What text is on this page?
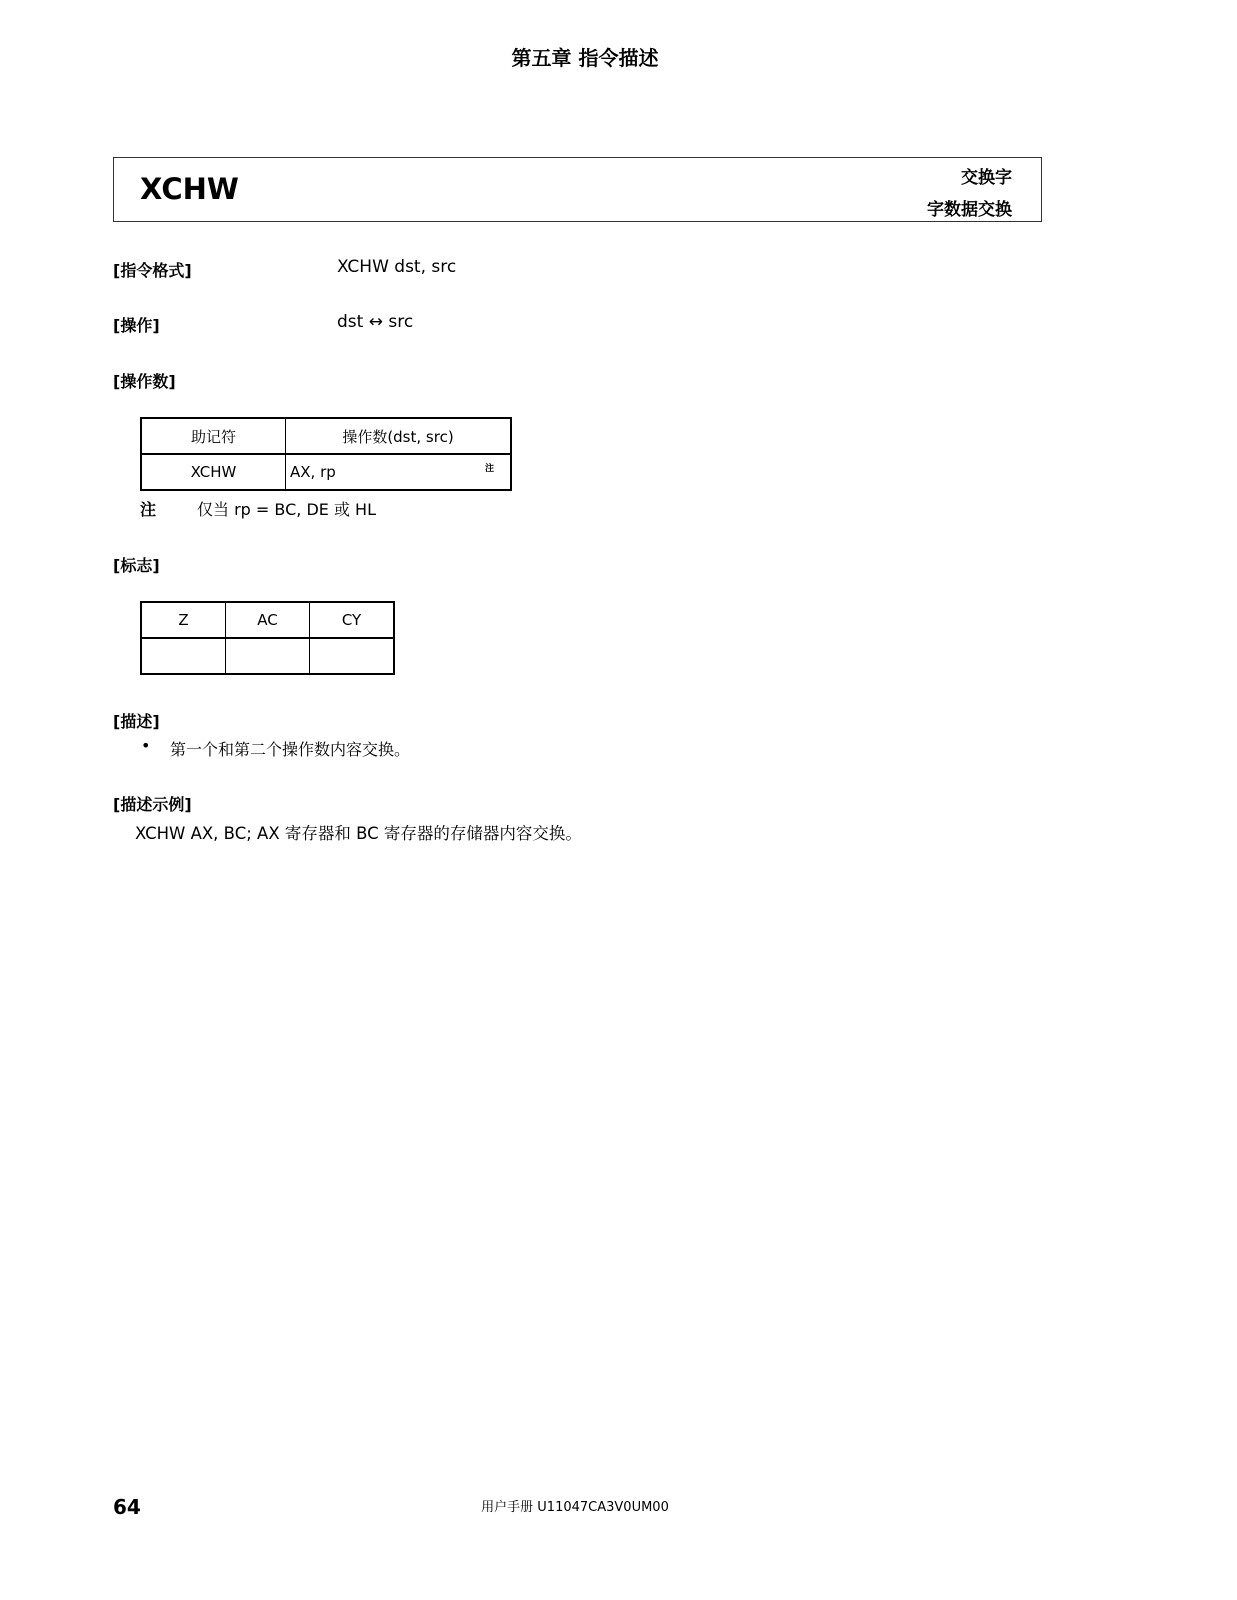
第五章 指令描述
XCHW	交换字
字数据交换
[指令格式]	XCHW dst, src
[操作]	dst ↔ src
[操作数]
助记符	操作数(dst, src)
XCHW	AX, rp 注
注	仅当 rp = BC, DE 或 HL
[标志]
Z	AC	CY

[描述]
• 第一个和第二个操作数内容交换。
[描述示例]
XCHW AX, BC; AX 寄存器和 BC 寄存器的存储器内容交换。
64	用户手册 U11047CA3V0UM00
